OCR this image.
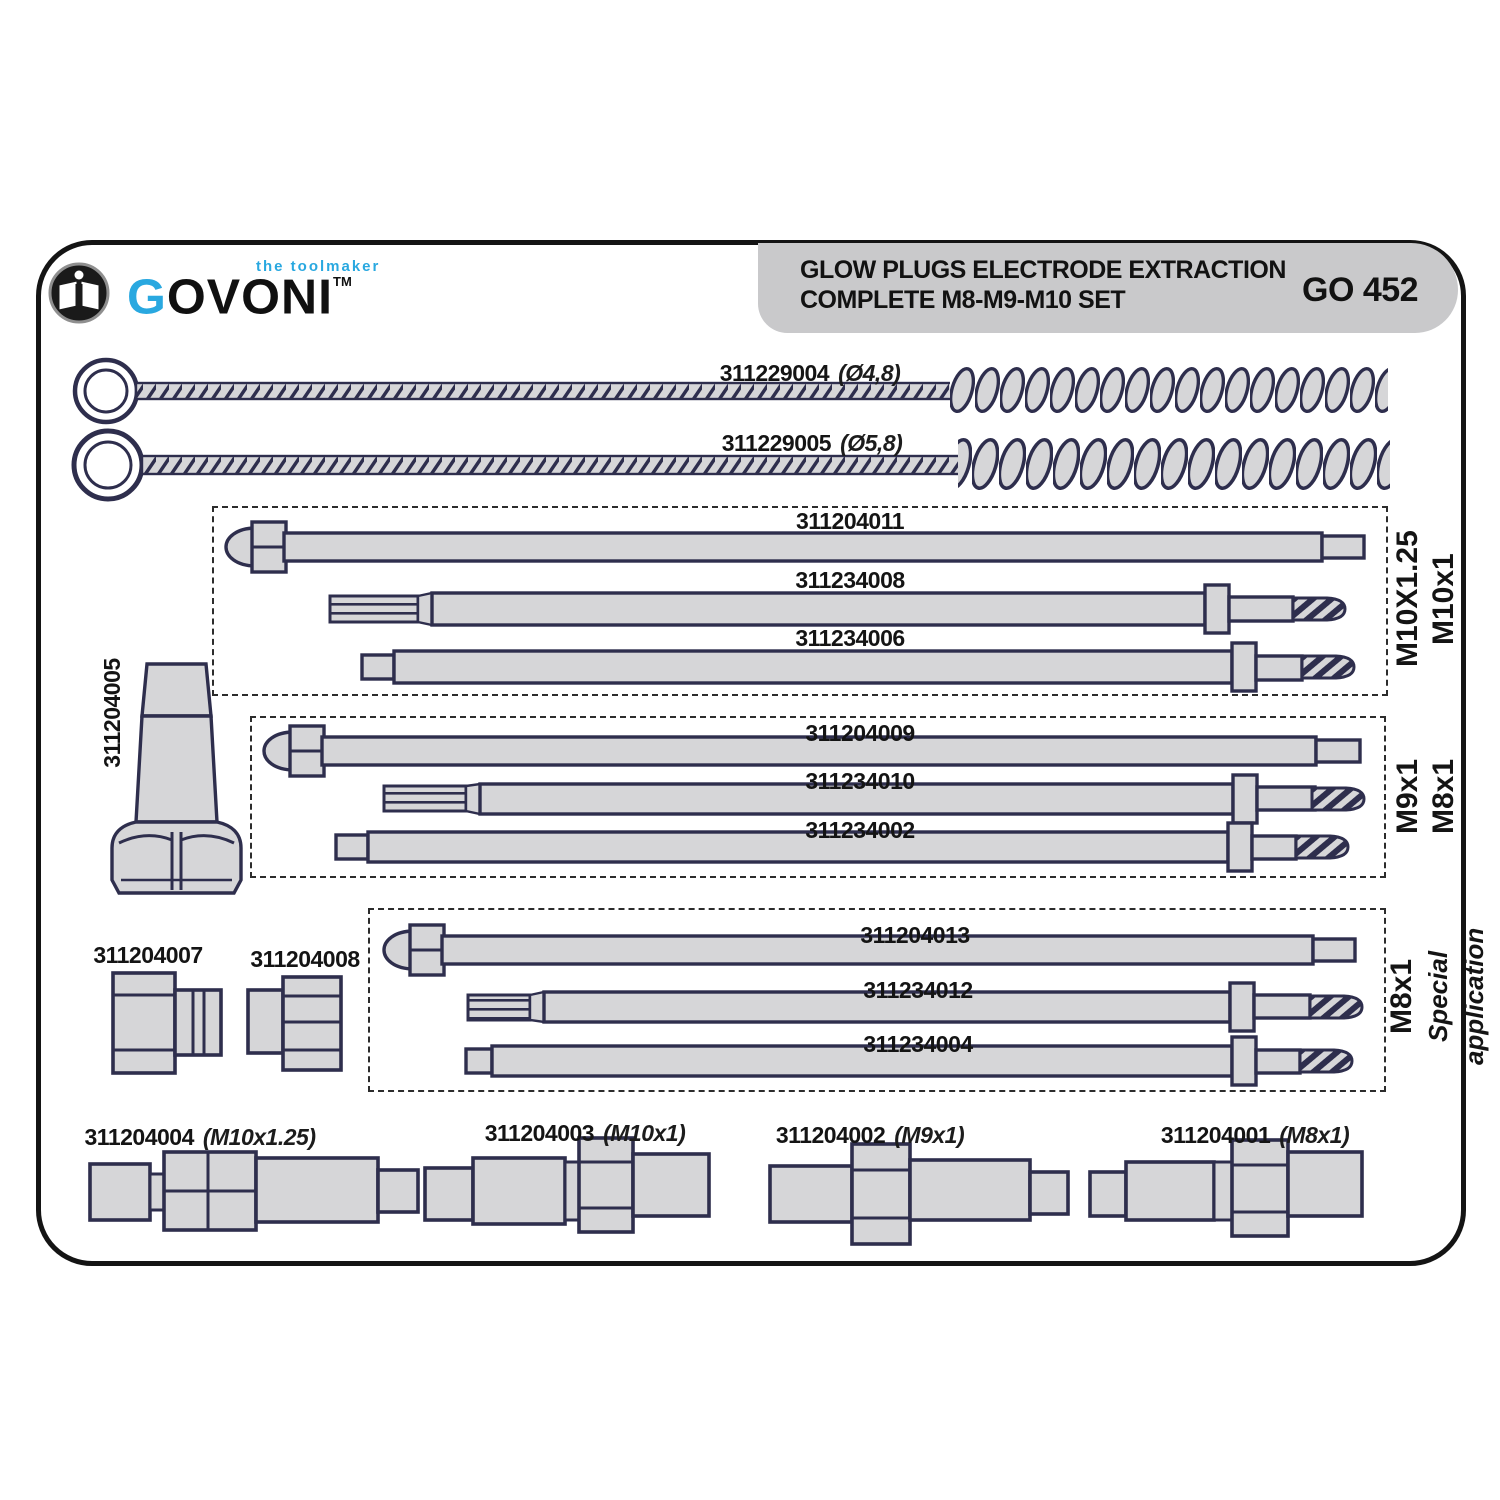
GLOW PLUGS ELECTRODE EXTRACTION
COMPLETE M8-M9-M10 SET	GO 452
the toolmaker
GOVONI™
311229004 (Ø4,8)
311229005 (Ø5,8)
311204011
311234008
311234006
311204009
311234010
311234002
311204013
311234012
311234004
M10X1.25 M10x1
M9x1 M8x1
M8x1 Special application
311204005
311204007 311204008
311204004 (M10x1.25)	311204003 (M10x1)	311204002 (M9x1)	311204001 (M8x1)
